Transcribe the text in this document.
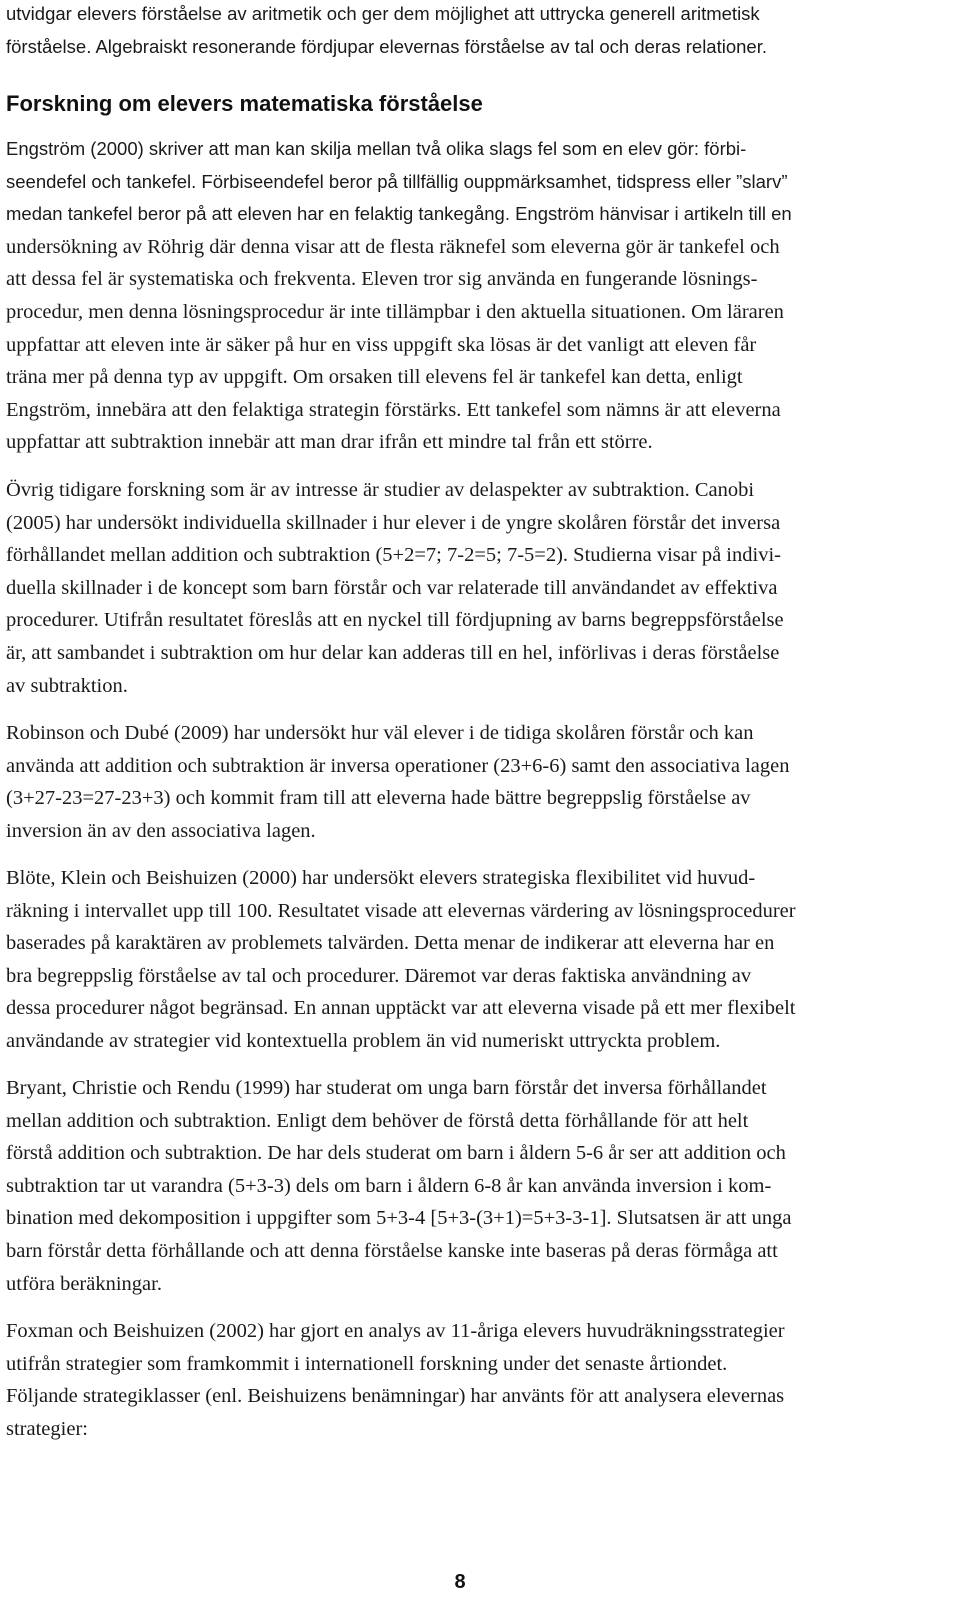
utvidgar elevers förståelse av aritmetik och ger dem möjlighet att uttrycka generell aritmetisk

förståelse. Algebraiskt resonerande fördjupar elevernas förståelse av tal och deras relationer.

Forskning om elevers matematiska förståelse

Engström (2000) skriver att man kan skilja mellan två olika slags fel som en elev gör: förbi-

seendefel och tankefel. Förbiseendefel beror på tillfällig ouppmärksamhet, tidspress eller ”slarv”

medan tankefel beror på att eleven har en felaktig tankegång. Engström hänvisar i artikeln till en

undersökning av Röhrig där denna visar att de flesta räknefel som eleverna gör är tankefel och

att dessa fel är systematiska och frekventa. Eleven tror sig använda en fungerande lösnings-

procedur, men denna lösningsprocedur är inte tillämpbar i den aktuella situationen. Om läraren

uppfattar att eleven inte är säker på hur en viss uppgift ska lösas är det vanligt att eleven får

träna mer på denna typ av uppgift. Om orsaken till elevens fel är tankefel kan detta, enligt

Engström, innebära att den felaktiga strategin förstärks. Ett tankefel som nämns är att eleverna

uppfattar att subtraktion innebär att man drar ifrån ett mindre tal från ett större.

Övrig tidigare forskning som är av intresse är studier av delaspekter av subtraktion. Canobi

(2005) har undersökt individuella skillnader i hur elever i de yngre skolåren förstår det inversa

förhållandet mellan addition och subtraktion (5+2=7; 7-2=5; 7-5=2). Studierna visar på indivi-

duella skillnader i de koncept som barn förstår och var relaterade till användandet av effektiva

procedurer. Utifrån resultatet föreslås att en nyckel till fördjupning av barns begreppsförståelse

är, att sambandet i subtraktion om hur delar kan adderas till en hel, införlivas i deras förståelse

av subtraktion.

Robinson och Dubé (2009) har undersökt hur väl elever i de tidiga skolåren förstår och kan

använda att addition och subtraktion är inversa operationer (23+6-6) samt den associativa lagen

(3+27-23=27-23+3) och kommit fram till att eleverna hade bättre begreppslig förståelse av

inversion än av den associativa lagen.

Blöte, Klein och Beishuizen (2000) har undersökt elevers strategiska flexibilitet vid huvud-

räkning i intervallet upp till 100. Resultatet visade att elevernas värdering av lösningsprocedurer

baserades på karaktären av problemets talvärden. Detta menar de indikerar att eleverna har en

bra begreppslig förståelse av tal och procedurer. Däremot var deras faktiska användning av

dessa procedurer något begränsad. En annan upptäckt var att eleverna visade på ett mer flexibelt

användande av strategier vid kontextuella problem än vid numeriskt uttryckta problem.

Bryant, Christie och Rendu (1999) har studerat om unga barn förstår det inversa förhållandet

mellan addition och subtraktion. Enligt dem behöver de förstå detta förhållande för att helt

förstå addition och subtraktion. De har dels studerat om barn i åldern 5-6 år ser att addition och

subtraktion tar ut varandra (5+3-3) dels om barn i åldern 6-8 år kan använda inversion i kom-

bination med dekomposition i uppgifter som 5+3-4 [5+3-(3+1)=5+3-3-1]. Slutsatsen är att unga

barn förstår detta förhållande och att denna förståelse kanske inte baseras på deras förmåga att

utföra beräkningar.

Foxman och Beishuizen (2002) har gjort en analys av 11-åriga elevers huvudräkningsstrategier

utifrån strategier som framkommit i internationell forskning under det senaste årtiondet.

Följande strategiklasser (enl. Beishuizens benämningar) har använts för att analysera elevernas

strategier:

8
